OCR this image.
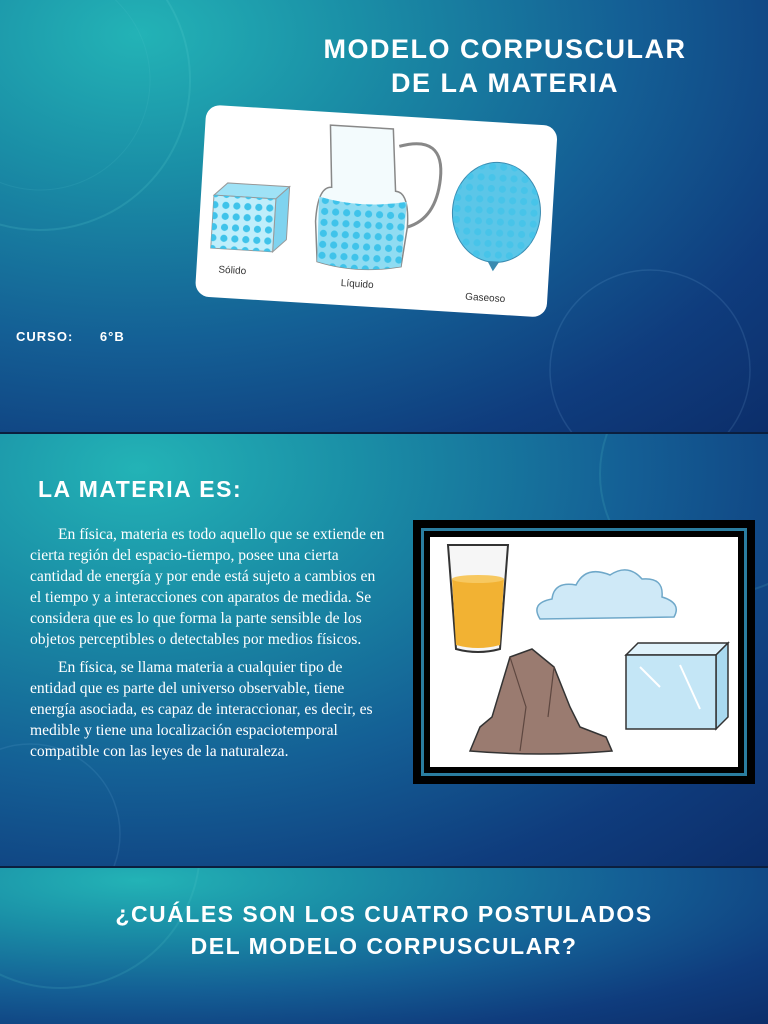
MODELO CORPUSCULAR
DE LA MATERIA
Sólido
Líquido
Gaseoso
CURSO: 6°B
LA MATERIA ES:

En física, materia es todo aquello que se extiende en cierta región del espacio-tiempo, posee una cierta cantidad de energía y por ende está sujeto a cambios en el tiempo y a interacciones con aparatos de medida. Se considera que es lo que forma la parte sensible de los objetos perceptibles o detectables por medios físicos.

En física, se llama materia a cualquier tipo de entidad que es parte del universo observable, tiene energía asociada, es capaz de interaccionar, es decir, es medible y tiene una localización espaciotemporal compatible con las leyes de la naturaleza.

¿CUÁLES SON LOS CUATRO POSTULADOS
DEL MODELO CORPUSCULAR?
